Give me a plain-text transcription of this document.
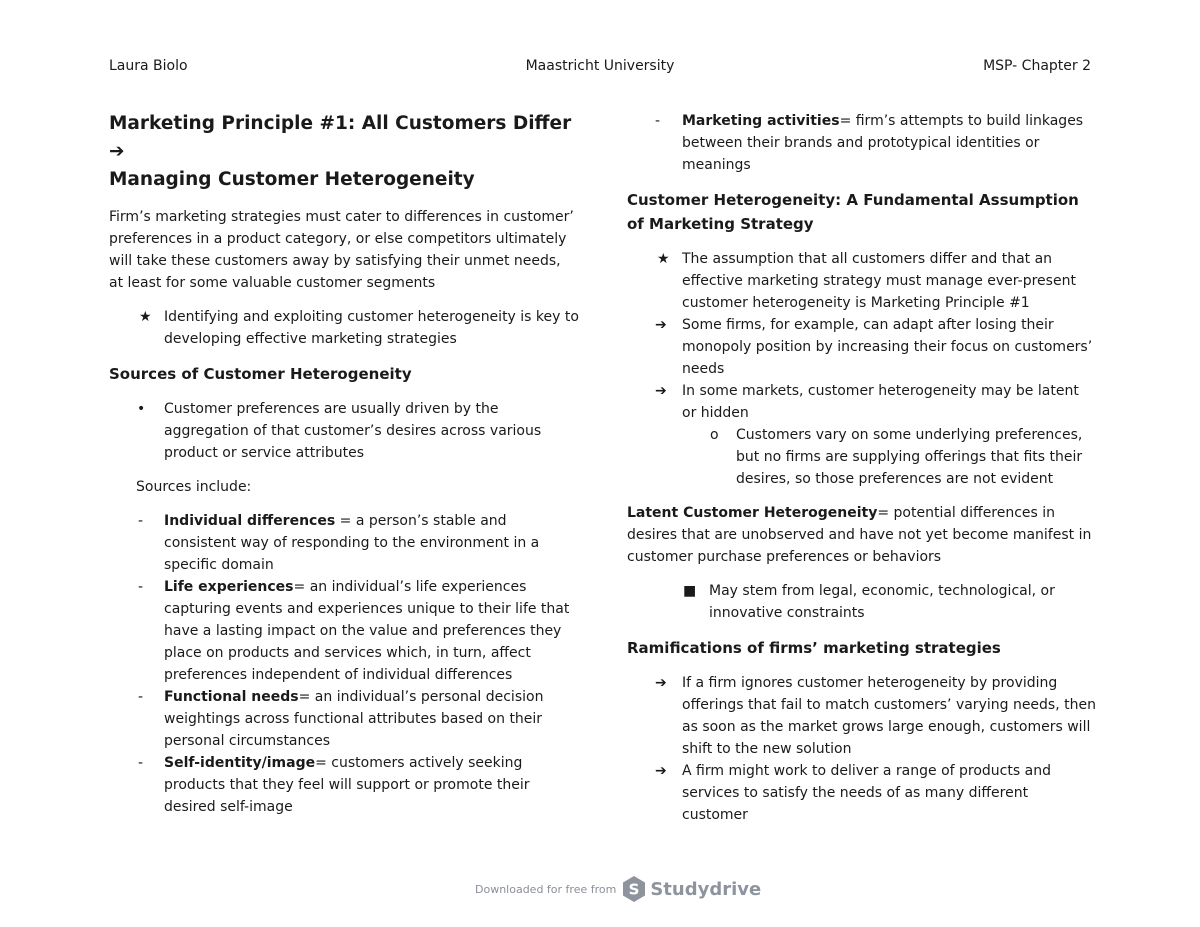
Laura Biolo	Maastricht University	MSP- Chapter 2
Marketing Principle #1: All Customers Differ ➔
Managing Customer Heterogeneity

Firm’s marketing strategies must cater to differences in customer’ preferences in a product category, or else competitors ultimately will take these customers away by satisfying their unmet needs, at least for some valuable customer segments

★ Identifying and exploiting customer heterogeneity is key to developing effective marketing strategies
Sources of Customer Heterogeneity
• Customer preferences are usually driven by the aggregation of that customer’s desires across various product or service attributes

Sources include:

- Individual differences = a person’s stable and consistent way of responding to the environment in a specific domain
- Life experiences= an individual’s life experiences capturing events and experiences unique to their life that have a lasting impact on the value and preferences they place on products and services which, in turn, affect preferences independent of individual differences
- Functional needs= an individual’s personal decision weightings across functional attributes based on their personal circumstances
- Self-identity/image= customers actively seeking products that they feel will support or promote their desired self-image
- Marketing activities= firm’s attempts to build linkages between their brands and prototypical identities or meanings
Customer Heterogeneity: A Fundamental Assumption of Marketing Strategy
★ The assumption that all customers differ and that an effective marketing strategy must manage ever-present customer heterogeneity is Marketing Principle #1
➔ Some firms, for example, can adapt after losing their monopoly position by increasing their focus on customers’ needs
➔ In some markets, customer heterogeneity may be latent or hidden
o Customers vary on some underlying preferences, but no firms are supplying offerings that fits their desires, so those preferences are not evident

Latent Customer Heterogeneity= potential differences in desires that are unobserved and have not yet become manifest in customer purchase preferences or behaviors

■ May stem from legal, economic, technological, or innovative constraints
Ramifications of firms’ marketing strategies
➔ If a firm ignores customer heterogeneity by providing offerings that fail to match customers’ varying needs, then as soon as the market grows large enough, customers will shift to the new solution
➔ A firm might work to deliver a range of products and services to satisfy the needs of as many different customer
Downloaded for free from S Studydrive
